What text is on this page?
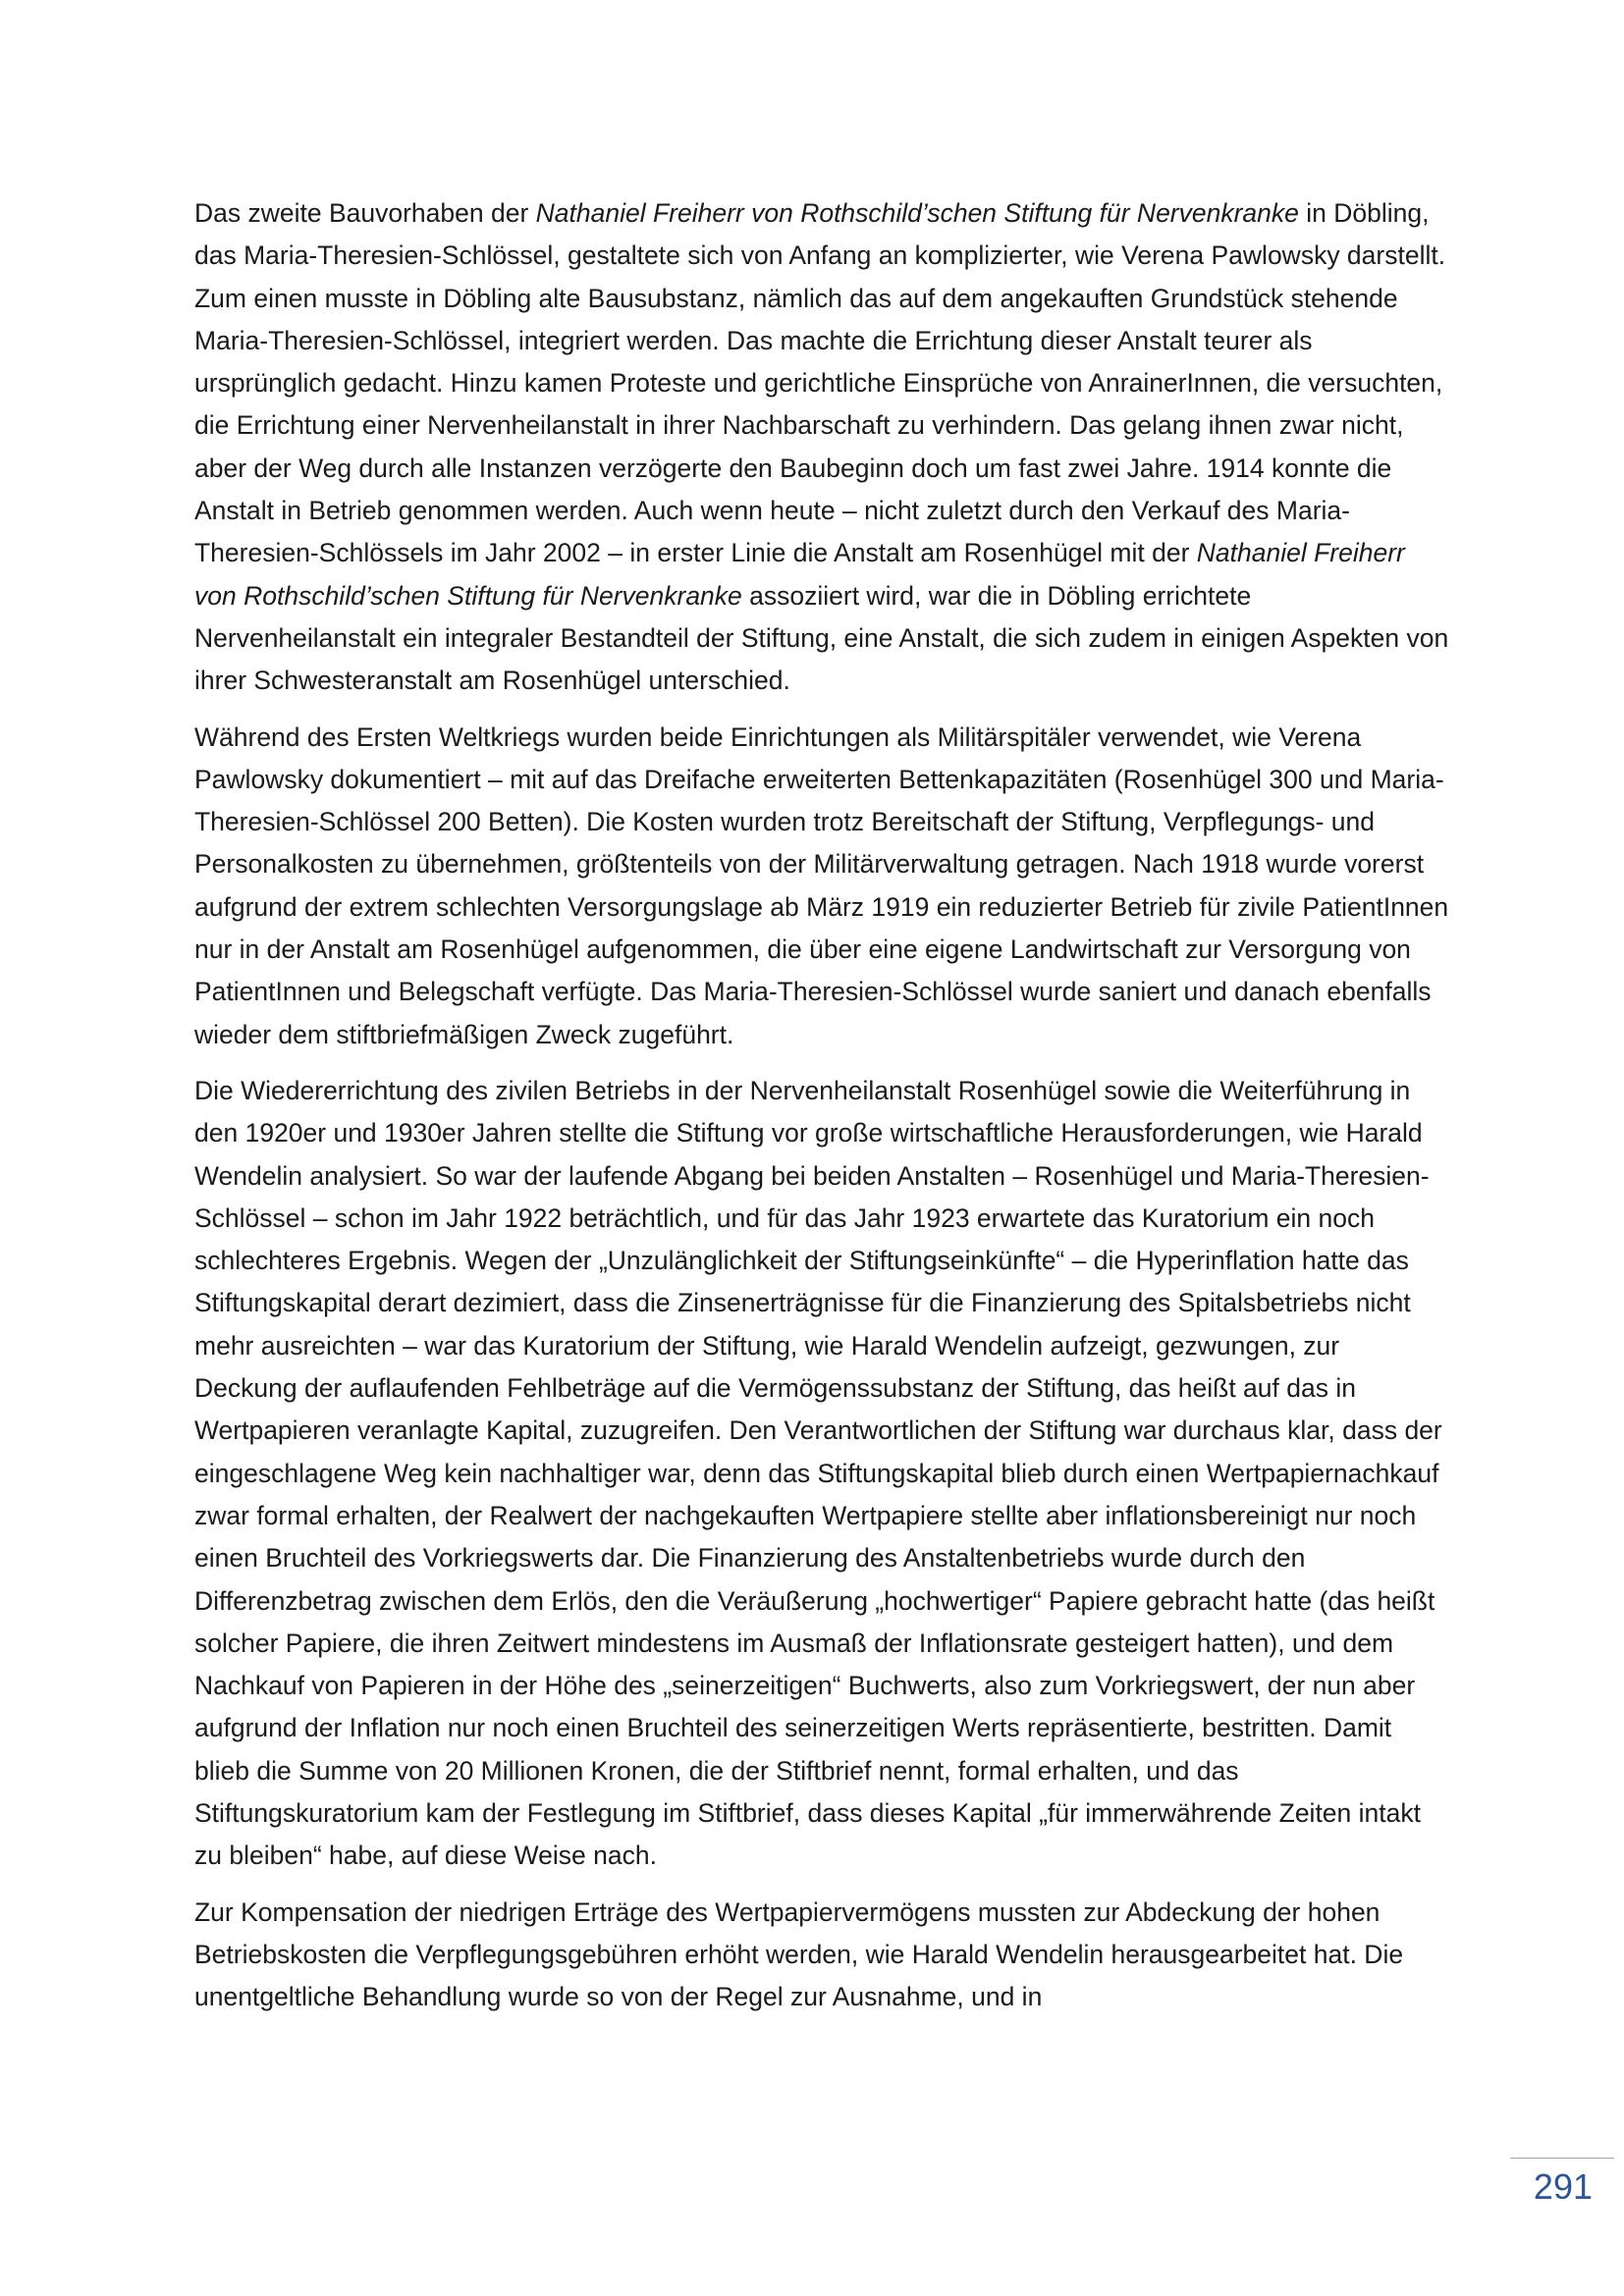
Das zweite Bauvorhaben der Nathaniel Freiherr von Rothschild’schen Stiftung für Nervenkranke in Döbling, das Maria-Theresien-Schlössel, gestaltete sich von Anfang an komplizierter, wie Verena Pawlowsky darstellt. Zum einen musste in Döbling alte Bausubstanz, nämlich das auf dem angekauften Grundstück stehende Maria-Theresien-Schlössel, integriert werden. Das machte die Errichtung dieser Anstalt teurer als ursprünglich gedacht. Hinzu kamen Proteste und gerichtliche Einsprüche von AnrainerInnen, die versuchten, die Errichtung einer Nervenheilanstalt in ihrer Nachbarschaft zu verhindern. Das gelang ihnen zwar nicht, aber der Weg durch alle Instanzen verzögerte den Baubeginn doch um fast zwei Jahre. 1914 konnte die Anstalt in Betrieb genommen werden. Auch wenn heute – nicht zuletzt durch den Verkauf des Maria-Theresien-Schlössels im Jahr 2002 – in erster Linie die Anstalt am Rosenhügel mit der Nathaniel Freiherr von Rothschild’schen Stiftung für Nervenkranke assoziiert wird, war die in Döbling errichtete Nervenheilanstalt ein integraler Bestandteil der Stiftung, eine Anstalt, die sich zudem in einigen Aspekten von ihrer Schwesteranstalt am Rosenhügel unterschied.

Während des Ersten Weltkriegs wurden beide Einrichtungen als Militärspitäler verwendet, wie Verena Pawlowsky dokumentiert – mit auf das Dreifache erweiterten Bettenkapazitäten (Rosenhügel 300 und Maria-Theresien-Schlössel 200 Betten). Die Kosten wurden trotz Bereitschaft der Stiftung, Verpflegungs- und Personalkosten zu übernehmen, größtenteils von der Militärverwaltung getragen. Nach 1918 wurde vorerst aufgrund der extrem schlechten Versorgungslage ab März 1919 ein reduzierter Betrieb für zivile PatientInnen nur in der Anstalt am Rosenhügel aufgenommen, die über eine eigene Landwirtschaft zur Versorgung von PatientInnen und Belegschaft verfügte. Das Maria-Theresien-Schlössel wurde saniert und danach ebenfalls wieder dem stiftbriefmäßigen Zweck zugeführt.

Die Wiedererrichtung des zivilen Betriebs in der Nervenheilanstalt Rosenhügel sowie die Weiterführung in den 1920er und 1930er Jahren stellte die Stiftung vor große wirtschaftliche Herausforderungen, wie Harald Wendelin analysiert. So war der laufende Abgang bei beiden Anstalten – Rosenhügel und Maria-Theresien-Schlössel – schon im Jahr 1922 beträchtlich, und für das Jahr 1923 erwartete das Kuratorium ein noch schlechteres Ergebnis. Wegen der „Unzulänglichkeit der Stiftungseinkünfte“ – die Hyperinflation hatte das Stiftungskapital derart dezimiert, dass die Zinsenerträgnisse für die Finanzierung des Spitalsbetriebs nicht mehr ausreichten – war das Kuratorium der Stiftung, wie Harald Wendelin aufzeigt, gezwungen, zur Deckung der auflaufenden Fehlbeträge auf die Vermögenssubstanz der Stiftung, das heißt auf das in Wertpapieren veranlagte Kapital, zuzugreifen. Den Verantwortlichen der Stiftung war durchaus klar, dass der eingeschlagene Weg kein nachhaltiger war, denn das Stiftungskapital blieb durch einen Wertpapiernachkauf zwar formal erhalten, der Realwert der nachgekauften Wertpapiere stellte aber inflationsbereinigt nur noch einen Bruchteil des Vorkriegswerts dar. Die Finanzierung des Anstaltenbetriebs wurde durch den Differenzbetrag zwischen dem Erlös, den die Veräußerung „hochwertiger“ Papiere gebracht hatte (das heißt solcher Papiere, die ihren Zeitwert mindestens im Ausmaß der Inflationsrate gesteigert hatten), und dem Nachkauf von Papieren in der Höhe des „seinerzeitigen“ Buchwerts, also zum Vorkriegswert, der nun aber aufgrund der Inflation nur noch einen Bruchteil des seinerzeitigen Werts repräsentierte, bestritten. Damit blieb die Summe von 20 Millionen Kronen, die der Stiftbrief nennt, formal erhalten, und das Stiftungskuratorium kam der Festlegung im Stiftbrief, dass dieses Kapital „für immerwährende Zeiten intakt zu bleiben“ habe, auf diese Weise nach.

Zur Kompensation der niedrigen Erträge des Wertpapiervermögens mussten zur Abdeckung der hohen Betriebskosten die Verpflegungsgebühren erhöht werden, wie Harald Wendelin herausgearbeitet hat. Die unentgeltliche Behandlung wurde so von der Regel zur Ausnahme, und in

291
